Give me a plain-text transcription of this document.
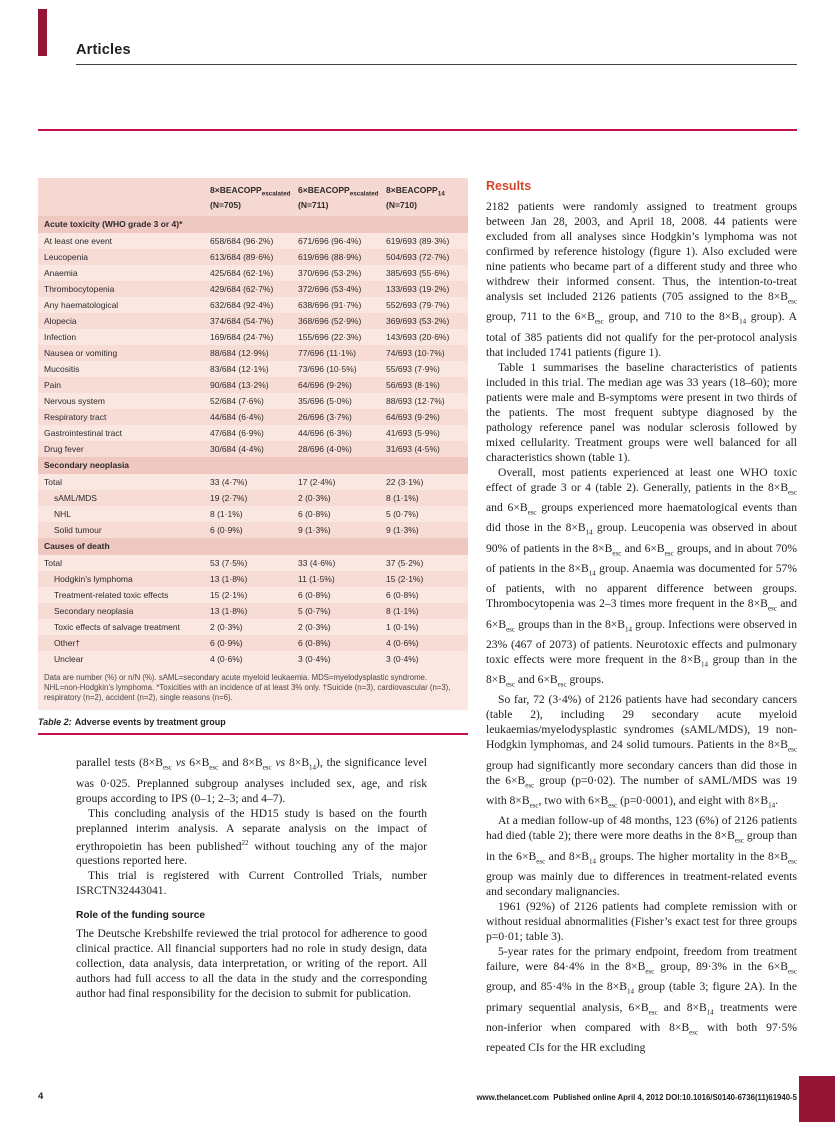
Articles
	$8\times BEACOPP_{escalated}$
(N=705)	$6\times BEACOPP_{escalated}$
(N=711)	$8\times BEACOPP_{14}$
(N=710)
Acute toxicity (WHO grade 3 or 4)*			
At least one event	658/684 (96·2%)	671/696 (96·4%)	619/693 (89·3%)
Leucopenia	613/684 (89·6%)	619/696 (88·9%)	504/693 (72·7%)
Anaemia	425/684 (62·1%)	370/696 (53·2%)	385/693 (55·6%)
Thrombocytopenia	429/684 (62·7%)	372/696 (53·4%)	133/693 (19·2%)
Any haematological	632/684 (92·4%)	638/696 (91·7%)	552/693 (79·7%)
Alopecia	374/684 (54·7%)	368/696 (52·9%)	369/693 (53·2%)
Infection	169/684 (24·7%)	155/696 (22·3%)	143/693 (20·6%)
Nausea or vomiting	88/684 (12·9%)	77/696 (11·1%)	74/693 (10·7%)
Mucositis	83/684 (12·1%)	73/696 (10·5%)	55/693 (7·9%)
Pain	90/684 (13·2%)	64/696 (9·2%)	56/693 (8·1%)
Nervous system	52/684 (7·6%)	35/696 (5·0%)	88/693 (12·7%)
Respiratory tract	44/684 (6·4%)	26/696 (3·7%)	64/693 (9·2%)
Gastrointestinal tract	47/684 (6·9%)	44/696 (6·3%)	41/693 (5·9%)
Drug fever	30/684 (4·4%)	28/696 (4·0%)	31/693 (4·5%)
Secondary neoplasia			
Total	33 (4·7%)	17 (2·4%)	22 (3·1%)
sAML/MDS	19 (2·7%)	2 (0·3%)	8 (1·1%)
NHL	8 (1·1%)	6 (0·8%)	5 (0·7%)
Solid tumour	6 (0·9%)	9 (1·3%)	9 (1·3%)
Causes of death			
Total	53 (7·5%)	33 (4·6%)	37 (5·2%)
Hodgkin’s lymphoma	13 (1·8%)	11 (1·5%)	15 (2·1%)
Treatment-related toxic effects	15 (2·1%)	6 (0·8%)	6 (0·8%)
Secondary neoplasia	13 (1·8%)	5 (0·7%)	8 (1·1%)
Toxic effects of salvage treatment	2 (0·3%)	2 (0·3%)	1 (0·1%)
Other†	6 (0·9%)	6 (0·8%)	4 (0·6%)
Unclear	4 (0·6%)	3 (0·4%)	3 (0·4%)
Data are number (%) or n/N (%). sAML=secondary acute myeloid leukaemia. MDS=myelodysplastic syndrome. NHL=non-Hodgkin’s lymphoma. *Toxicities with an incidence of at least 3% only. †Suicide (n=3), cardiovascular (n=3), respiratory (n=2), accident (n=2), single reasons (n=6).
Table 2: Adverse events by treatment group

parallel tests ($8\times B_{esc}$ vs $6\times B_{esc}$ and $8\times B_{esc}$ vs $8\times B_{14}$), the significance level was 0·025. Preplanned subgroup analyses included sex, age, and risk groups according to IPS (0–1; 2–3; and 4–7).

This concluding analysis of the HD15 study is based on the fourth preplanned interim analysis. A separate analysis on the impact of erythropoietin has been published$^{22}$ without touching any of the major questions reported here.

This trial is registered with Current Controlled Trials, number ISRCTN32443041.

Role of the funding source

The Deutsche Krebshilfe reviewed the trial protocol for adherence to good clinical practice. All financial supporters had no role in study design, data collection, data analysis, data interpretation, or writing of the report. All authors had full access to all the data in the study and the corresponding author had final responsibility for the decision to submit for publication.

Results

2182 patients were randomly assigned to treatment groups between Jan 28, 2003, and April 18, 2008. 44 patients were excluded from all analyses since Hodgkin’s lymphoma was not confirmed by reference histology (figure 1). Also excluded were nine patients who became part of a different study and three who withdrew their informed consent. Thus, the intention-to-treat analysis set included 2126 patients (705 assigned to the $8\times B_{esc}$ group, 711 to the $6\times B_{esc}$ group, and 710 to the $8\times B_{14}$ group). A total of 385 patients did not qualify for the per-protocol analysis that included 1741 patients (figure 1).

Table 1 summarises the baseline characteristics of patients included in this trial. The median age was 33 years (18–60); more patients were male and B-symptoms were present in two thirds of the patients. The most frequent subtype diagnosed by the pathology reference panel was nodular sclerosis followed by mixed cellularity. Treatment groups were well balanced for all characteristics shown (table 1).

Overall, most patients experienced at least one WHO toxic effect of grade 3 or 4 (table 2). Generally, patients in the $8\times B_{esc}$ and $6\times B_{esc}$ groups experienced more haematological events than did those in the $8\times B_{14}$ group. Leucopenia was observed in about 90% of patients in the $8\times B_{esc}$ and $6\times B_{esc}$ groups, and in about 70% of patients in the $8\times B_{14}$ group. Anaemia was documented for 57% of patients, with no apparent difference between groups. Thrombocytopenia was 2–3 times more frequent in the $8\times B_{esc}$ and $6\times B_{esc}$ groups than in the $8\times B_{14}$ group. Infections were observed in 23% (467 of 2073) of patients. Neurotoxic effects and pulmonary toxic effects were more frequent in the $8\times B_{14}$ group than in the $8\times B_{esc}$ and $6\times B_{esc}$ groups.

So far, 72 (3·4%) of 2126 patients have had secondary cancers (table 2), including 29 secondary acute myeloid leukaemias/myelodysplastic syndromes (sAML/MDS), 19 non-Hodgkin lymphomas, and 24 solid tumours. Patients in the $8\times B_{esc}$ group had significantly more secondary cancers than did those in the $6\times B_{esc}$ group (p=0·02). The number of sAML/MDS was 19 with $8\times B_{esc}$, two with $6\times B_{esc}$ (p=0·0001), and eight with $8\times B_{14}$.

At a median follow-up of 48 months, 123 (6%) of 2126 patients had died (table 2); there were more deaths in the $8\times B_{esc}$ group than in the $6\times B_{esc}$ and $8\times B_{14}$ groups. The higher mortality in the $8\times B_{esc}$ group was mainly due to differences in treatment-related events and secondary malignancies.

1961 (92%) of 2126 patients had complete remission with or without residual abnormalities (Fisher’s exact test for three groups p=0·01; table 3).

5-year rates for the primary endpoint, freedom from treatment failure, were 84·4% in the $8\times B_{esc}$ group, 89·3% in the $6\times B_{esc}$ group, and 85·4% in the $8\times B_{14}$ group (table 3; figure 2A). In the primary sequential analysis, $6\times B_{esc}$ and $8\times B_{14}$ treatments were non-inferior when compared with $8\times B_{esc}$ with both 97·5% repeated CIs for the HR excluding

4	www.thelancet.com Published online April 4, 2012 DOI:10.1016/S0140-6736(11)61940-5
